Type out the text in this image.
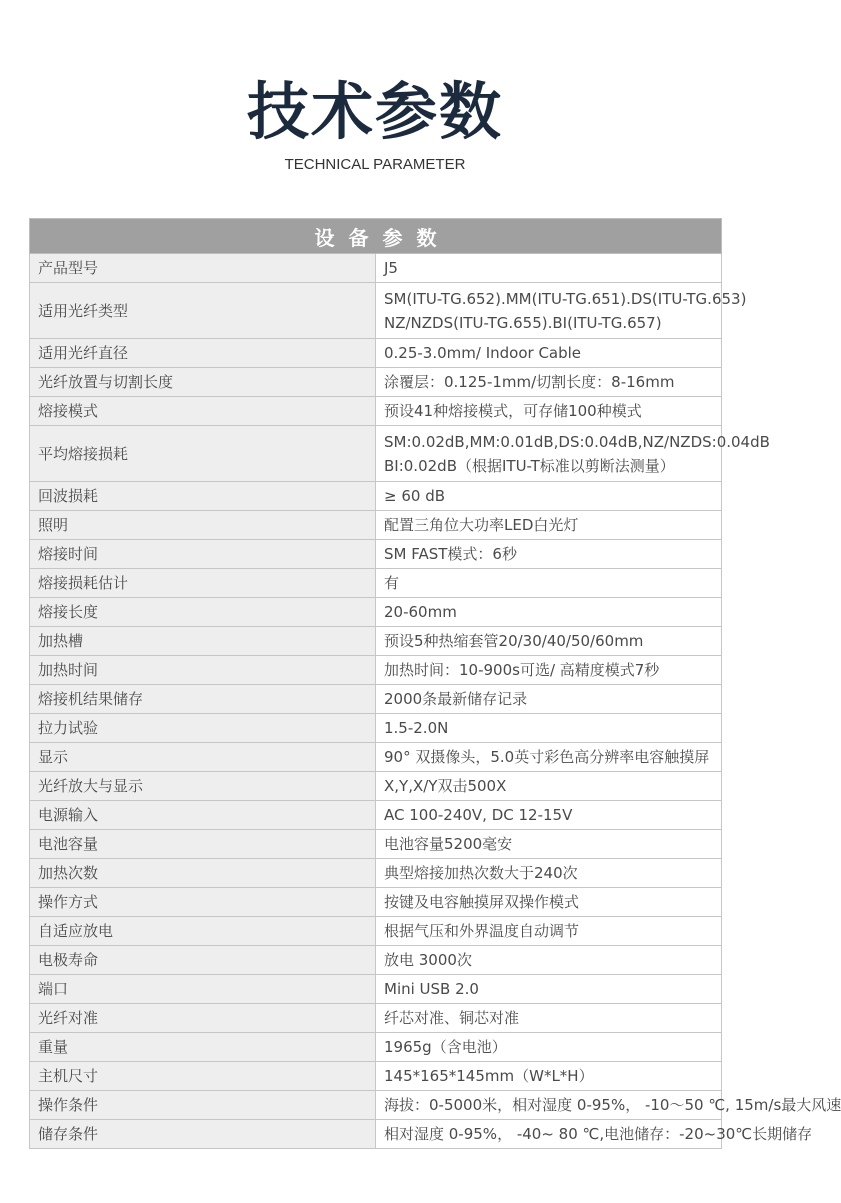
技术参数
TECHNICAL PARAMETER
设备参数	
产品型号	J5

适用光纤类型	SM(ITU-TG.652).MM(ITU-TG.651).DS(ITU-TG.653)
NZ/NZDS(ITU-TG.655).BI(ITU-TG.657)

适用光纤直径	0.25-3.0mm/ Indoor Cable

光纤放置与切割长度	涂覆层：0.125-1mm/切割长度：8-16mm

熔接模式	预设41种熔接模式，可存储100种模式

平均熔接损耗	SM:0.02dB,MM:0.01dB,DS:0.04dB,NZ/NZDS:0.04dB
BI:0.02dB（根据ITU-T标准以剪断法测量）

回波损耗	≥ 60 dB

照明	配置三角位大功率LED白光灯

熔接时间	SM FAST模式：6秒

熔接损耗估计	有

熔接长度	20-60mm

加热槽	预设5种热缩套管20/30/40/50/60mm

加热时间	加热时间：10-900s可选/ 高精度模式7秒

熔接机结果储存	2000条最新储存记录

拉力试验	1.5-2.0N

显示	90° 双摄像头，5.0英寸彩色高分辨率电容触摸屏

光纤放大与显示	X,Y,X/Y双击500X

电源输入	AC 100-240V, DC 12-15V

电池容量	电池容量5200毫安

加热次数	典型熔接加热次数大于240次

操作方式	按键及电容触摸屏双操作模式

自适应放电	根据气压和外界温度自动调节

电极寿命	放电 3000次

端口	Mini USB 2.0

光纤对准	纤芯对准、铜芯对准

重量	1965g（含电池）

主机尺寸	145*165*145mm（W*L*H）

操作条件	海拔：0-5000米，相对湿度 0-95%， -10～50 ℃, 15m/s最大风速

储存条件	相对湿度 0-95%， -40~ 80 ℃,电池储存：-20~30℃长期储存
